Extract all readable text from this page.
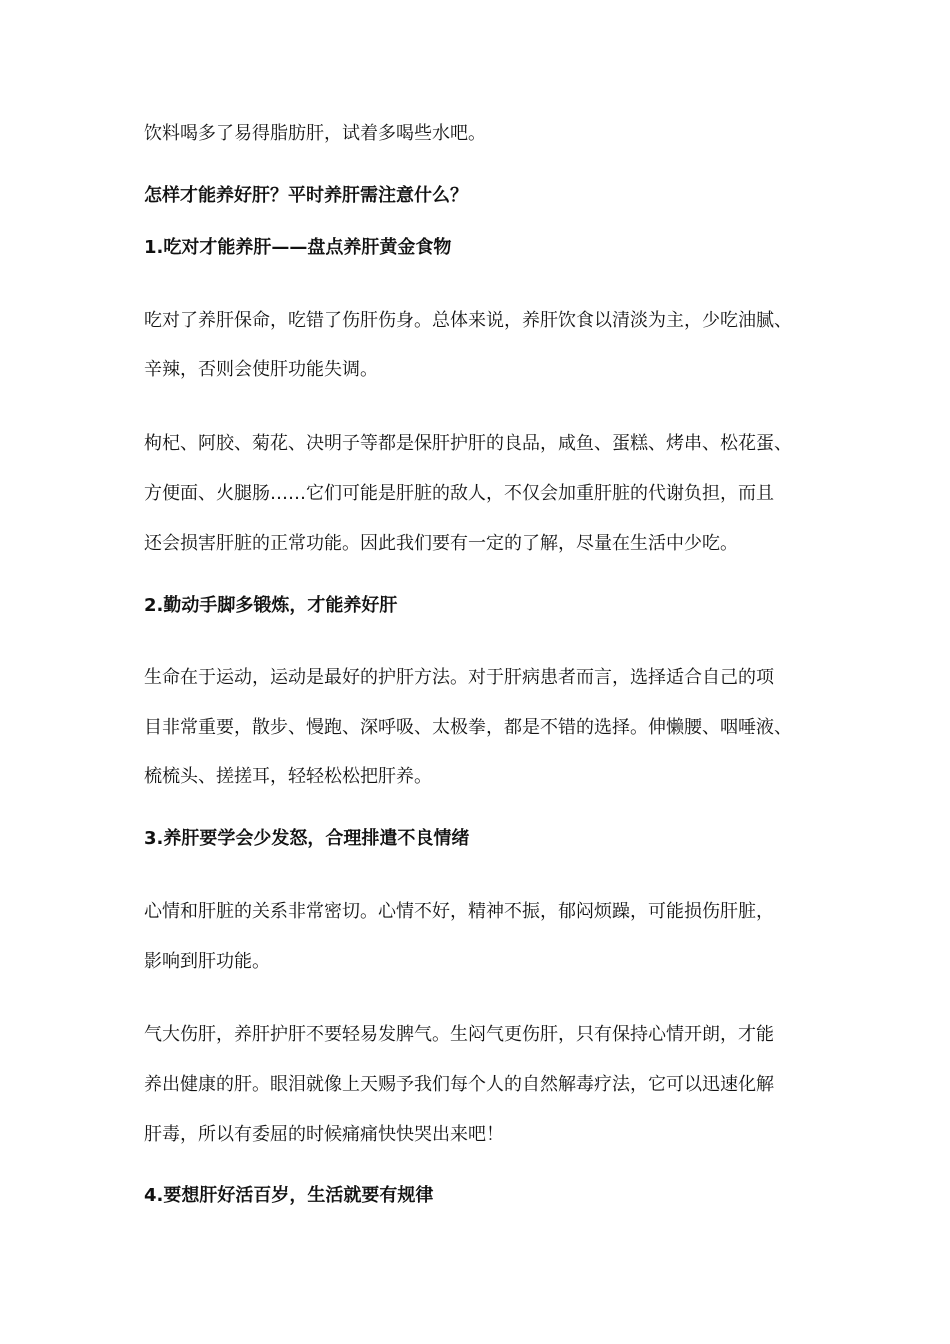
饮料喝多了易得脂肪肝，试着多喝些水吧。

怎样才能养好肝？平时养肝需注意什么？

1.吃对才能养肝——盘点养肝黄金食物

吃对了养肝保命，吃错了伤肝伤身。总体来说，养肝饮食以清淡为主，少吃油腻、

辛辣，否则会使肝功能失调。

枸杞、阿胶、菊花、决明子等都是保肝护肝的良品，咸鱼、蛋糕、烤串、松花蛋、

方便面、火腿肠……它们可能是肝脏的敌人，不仅会加重肝脏的代谢负担，而且

还会损害肝脏的正常功能。因此我们要有一定的了解，尽量在生活中少吃。

2.勤动手脚多锻炼，才能养好肝

生命在于运动，运动是最好的护肝方法。对于肝病患者而言，选择适合自己的项

目非常重要，散步、慢跑、深呼吸、太极拳，都是不错的选择。伸懒腰、咽唾液、

梳梳头、搓搓耳，轻轻松松把肝养。

3.养肝要学会少发怒，合理排遣不良情绪

心情和肝脏的关系非常密切。心情不好，精神不振，郁闷烦躁，可能损伤肝脏，

影响到肝功能。

气大伤肝，养肝护肝不要轻易发脾气。生闷气更伤肝，只有保持心情开朗，才能

养出健康的肝。眼泪就像上天赐予我们每个人的自然解毒疗法，它可以迅速化解

肝毒，所以有委屈的时候痛痛快快哭出来吧！

4.要想肝好活百岁，生活就要有规律
